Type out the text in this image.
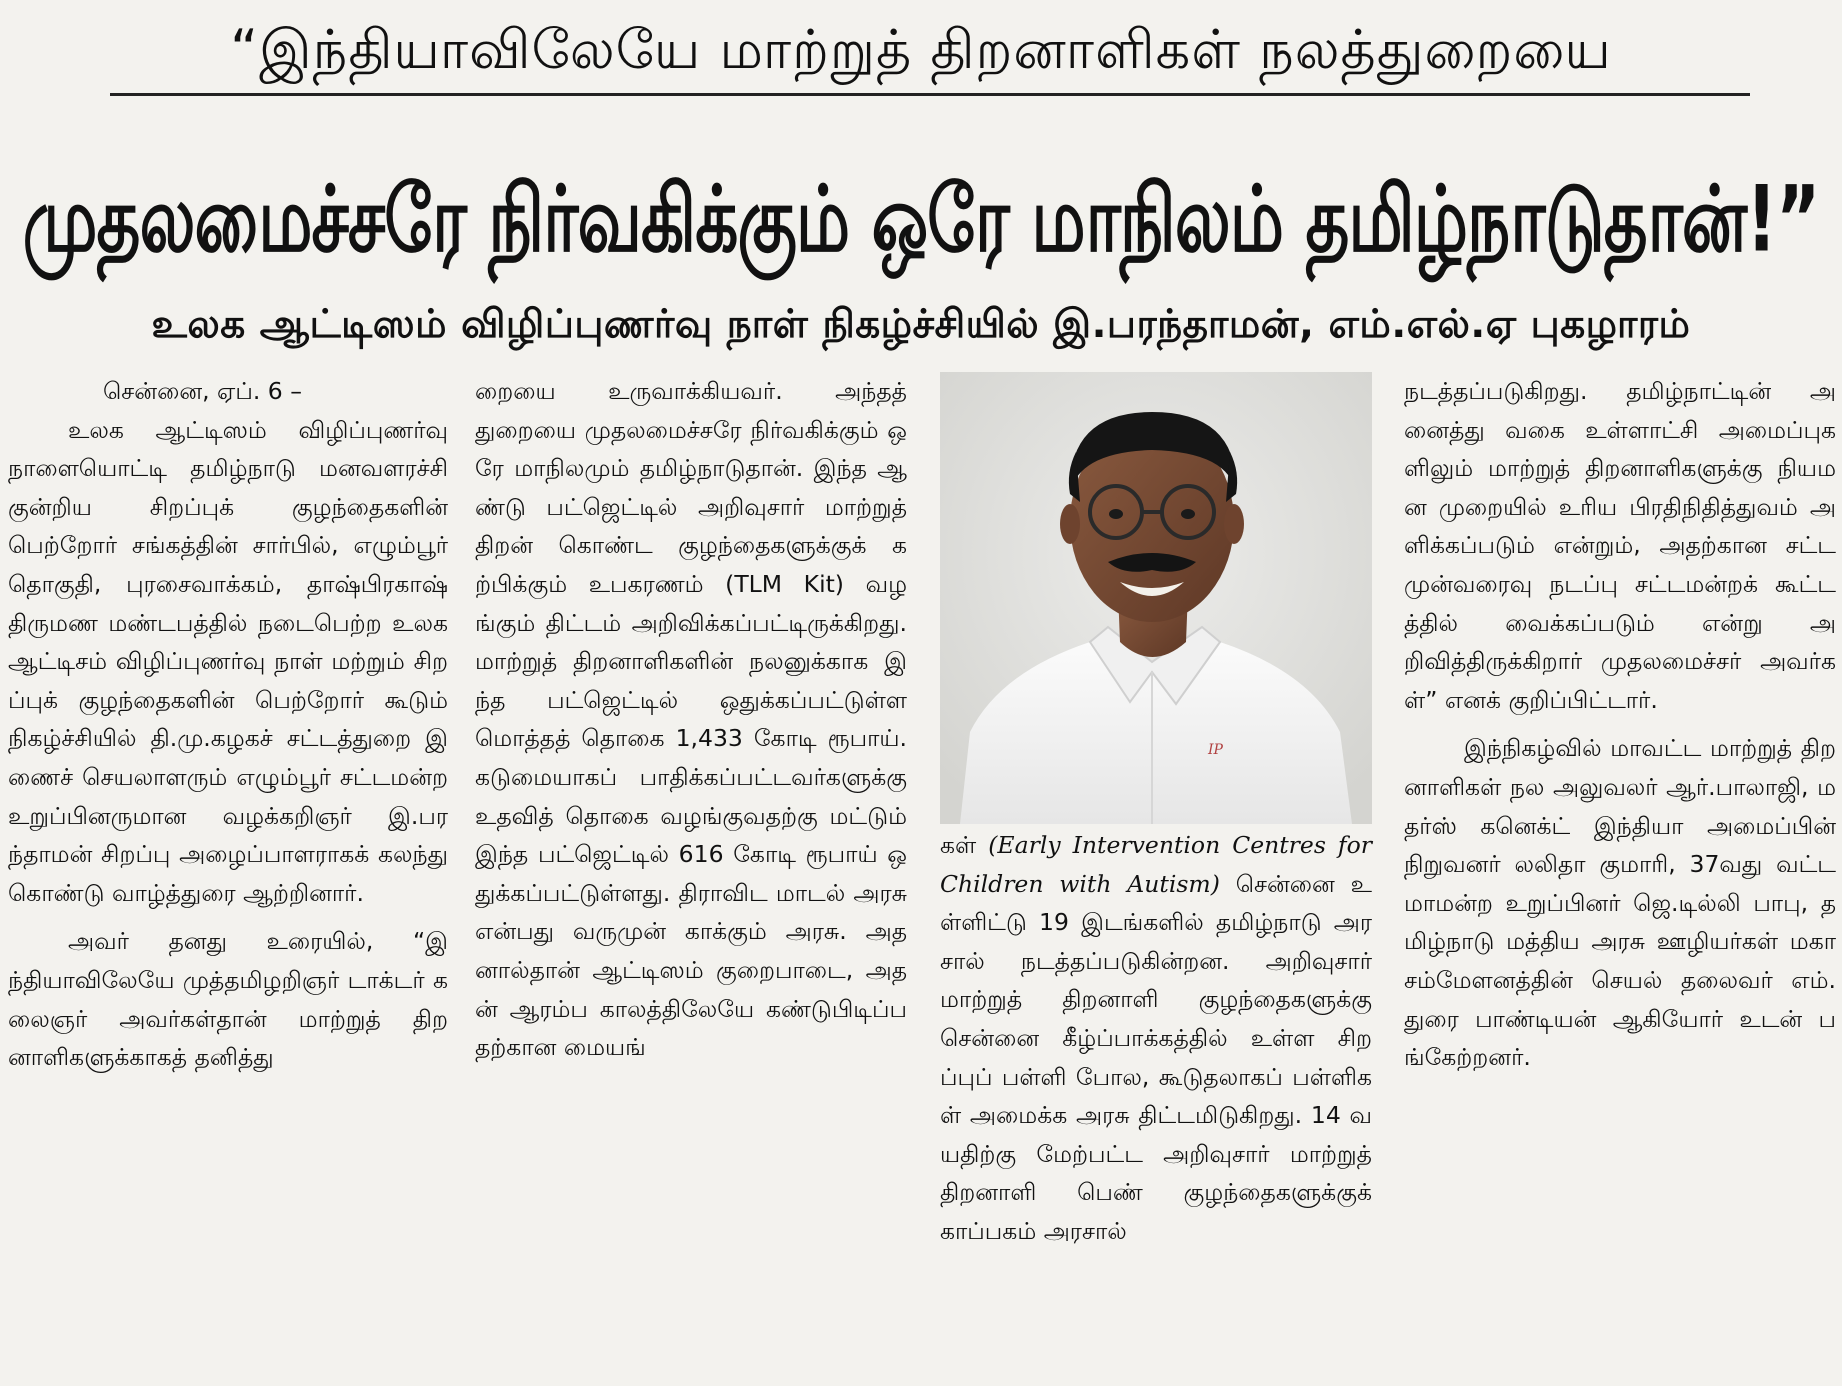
“இந்தியாவிலேயே மாற்றுத் திறனாளிகள் நலத்துறையை
முதலமைச்சரே நிர்வகிக்கும் ஒரே மாநிலம் தமிழ்நாடுதான்!”
உலக ஆட்டிஸம் விழிப்புணர்வு நாள் நிகழ்ச்சியில் இ.பரந்தாமன், எம்.எல்.ஏ புகழாரம்
சென்னை, ஏப். 6 –

உலக ஆட்டிஸம் விழிப்புணர்வு நாளையொட்டி தமிழ்நாடு மனவளரச்சி குன்றிய சிறப்புக் குழந்தைகளின் பெற்றோர் சங்கத்தின் சார்பில், எழும்பூர் தொகுதி, புரசைவாக்கம், தாஷ்பிரகாஷ் திருமண மண்டபத்தில் நடைபெற்ற உலக ஆட்டிசம் விழிப்புணர்வு நாள் மற்றும் சிறப்புக் குழந்தைகளின் பெற்றோர் கூடும் நிகழ்ச்சியில் தி.மு.கழகச் சட்டத்துறை இணைச் செயலாளரும் எழும்பூர் சட்டமன்ற உறுப்பினருமான வழக்கறிஞர் இ.பரந்தாமன் சிறப்பு அழைப்பாளராகக் கலந்து கொண்டு வாழ்த்துரை ஆற்றினார்.

அவர் தனது உரையில், “இந்தியாவிலேயே முத்தமிழறிஞர் டாக்டர் கலைஞர் அவர்கள்தான் மாற்றுத் திறனாளிகளுக்காகத் தனித்து

றையை உருவாக்கியவர். அந்தத் துறையை முதலமைச்சரே நிர்வகிக்கும் ஒரே மாநிலமும் தமிழ்நாடுதான். இந்த ஆண்டு பட்ஜெட்டில் அறிவுசார் மாற்றுத் திறன் கொண்ட குழந்தைகளுக்குக் கற்பிக்கும் உபகரணம் (TLM Kit) வழங்கும் திட்டம் அறிவிக்கப்பட்டிருக்கிறது. மாற்றுத் திறனாளிகளின் நலனுக்காக இந்த பட்ஜெட்டில் ஒதுக்கப்பட்டுள்ள மொத்தத் தொகை 1,433 கோடி ரூபாய். கடுமையாகப் பாதிக்கப்பட்டவர்களுக்கு உதவித் தொகை வழங்குவதற்கு மட்டும் இந்த பட்ஜெட்டில் 616 கோடி ரூபாய் ஒதுக்கப்பட்டுள்ளது. திராவிட மாடல் அரசு என்பது வருமுன் காக்கும் அரசு. அதனால்தான் ஆட்டிஸம் குறைபாடை, அதன் ஆரம்ப காலத்திலேயே கண்டுபிடிப்பதற்கான மையங்

IP

கள் (Early Intervention Centres for Children with Autism) சென்னை உள்ளிட்டு 19 இடங்களில் தமிழ்நாடு அரசால் நடத்தப்படுகின்றன. அறிவுசார் மாற்றுத் திறனாளி குழந்தைகளுக்கு சென்னை கீழ்ப்பாக்கத்தில் உள்ள சிறப்புப் பள்ளி போல, கூடுதலாகப் பள்ளிகள் அமைக்க அரசு திட்டமிடுகிறது. 14 வயதிற்கு மேற்பட்ட அறிவுசார் மாற்றுத் திறனாளி பெண் குழந்தைகளுக்குக் காப்பகம் அரசால்

நடத்தப்படுகிறது. தமிழ்நாட்டின் அனைத்து வகை உள்ளாட்சி அமைப்புகளிலும் மாற்றுத் திறனாளிகளுக்கு நியமன முறையில் உரிய பிரதிநிதித்துவம் அளிக்கப்படும் என்றும், அதற்கான சட்ட முன்வரைவு நடப்பு சட்டமன்றக் கூட்டத்தில் வைக்கப்படும் என்று அறிவித்திருக்கிறார் முதலமைச்சர் அவர்கள்” எனக் குறிப்பிட்டார்.

இந்நிகழ்வில் மாவட்ட மாற்றுத் திறனாளிகள் நல அலுவலர் ஆர்.பாலாஜி, மதர்ஸ் கனெக்ட் இந்தியா அமைப்பின் நிறுவனர் லலிதா குமாரி, 37வது வட்ட மாமன்ற உறுப்பினர் ஜெ.டில்லி பாபு, தமிழ்நாடு மத்திய அரசு ஊழியர்கள் மகா சம்மேளனத்தின் செயல் தலைவர் எம்.துரை பாண்டியன் ஆகியோர் உடன் பங்கேற்றனர்.
